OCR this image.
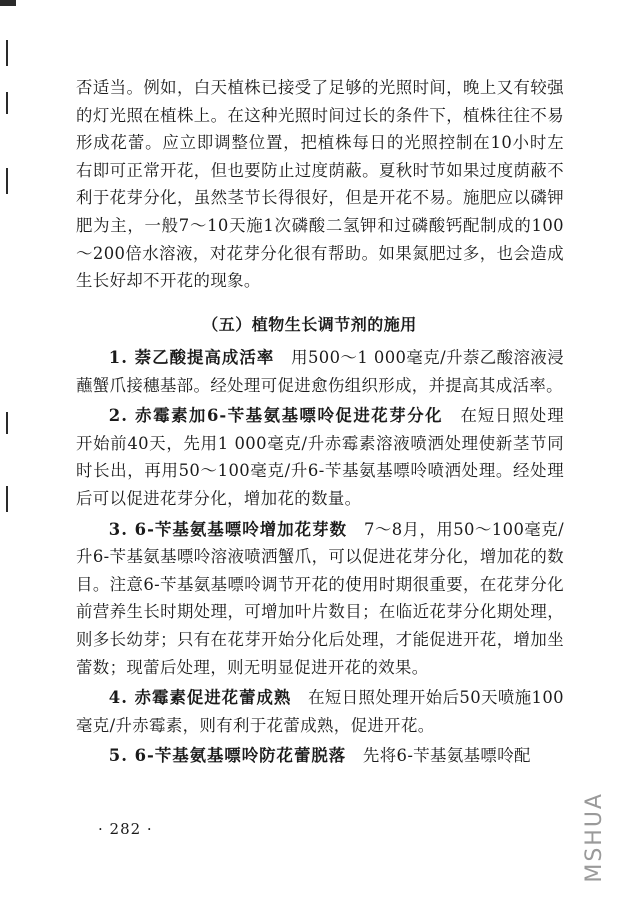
否适当。例如，白天植株已接受了足够的光照时间，晚上又有较强的灯光照在植株上。在这种光照时间过长的条件下，植株往往不易形成花蕾。应立即调整位置，把植株每日的光照控制在10小时左右即可正常开花，但也要防止过度荫蔽。夏秋时节如果过度荫蔽不利于花芽分化，虽然茎节长得很好，但是开花不易。施肥应以磷钾肥为主，一般7～10天施1次磷酸二氢钾和过磷酸钙配制成的100～200倍水溶液，对花芽分化很有帮助。如果氮肥过多，也会造成生长好却不开花的现象。

（五）植物生长调节剂的施用

1. 萘乙酸提高成活率　用500～1 000毫克/升萘乙酸溶液浸蘸蟹爪接穗基部。经处理可促进愈伤组织形成，并提高其成活率。

2. 赤霉素加6-苄基氨基嘌呤促进花芽分化　在短日照处理开始前40天，先用1 000毫克/升赤霉素溶液喷洒处理使新茎节同时长出，再用50～100毫克/升6-苄基氨基嘌呤喷洒处理。经处理后可以促进花芽分化，增加花的数量。

3. 6-苄基氨基嘌呤增加花芽数　7～8月，用50～100毫克/升6-苄基氨基嘌呤溶液喷洒蟹爪，可以促进花芽分化，增加花的数目。注意6-苄基氨基嘌呤调节开花的使用时期很重要，在花芽分化前营养生长时期处理，可增加叶片数目；在临近花芽分化期处理，则多长幼芽；只有在花芽开始分化后处理，才能促进开花，增加坐蕾数；现蕾后处理，则无明显促进开花的效果。

4. 赤霉素促进花蕾成熟　在短日照处理开始后50天喷施100毫克/升赤霉素，则有利于花蕾成熟，促进开花。

5. 6-苄基氨基嘌呤防花蕾脱落　先将6-苄基氨基嘌呤配

· 282 ·	MSHUA
